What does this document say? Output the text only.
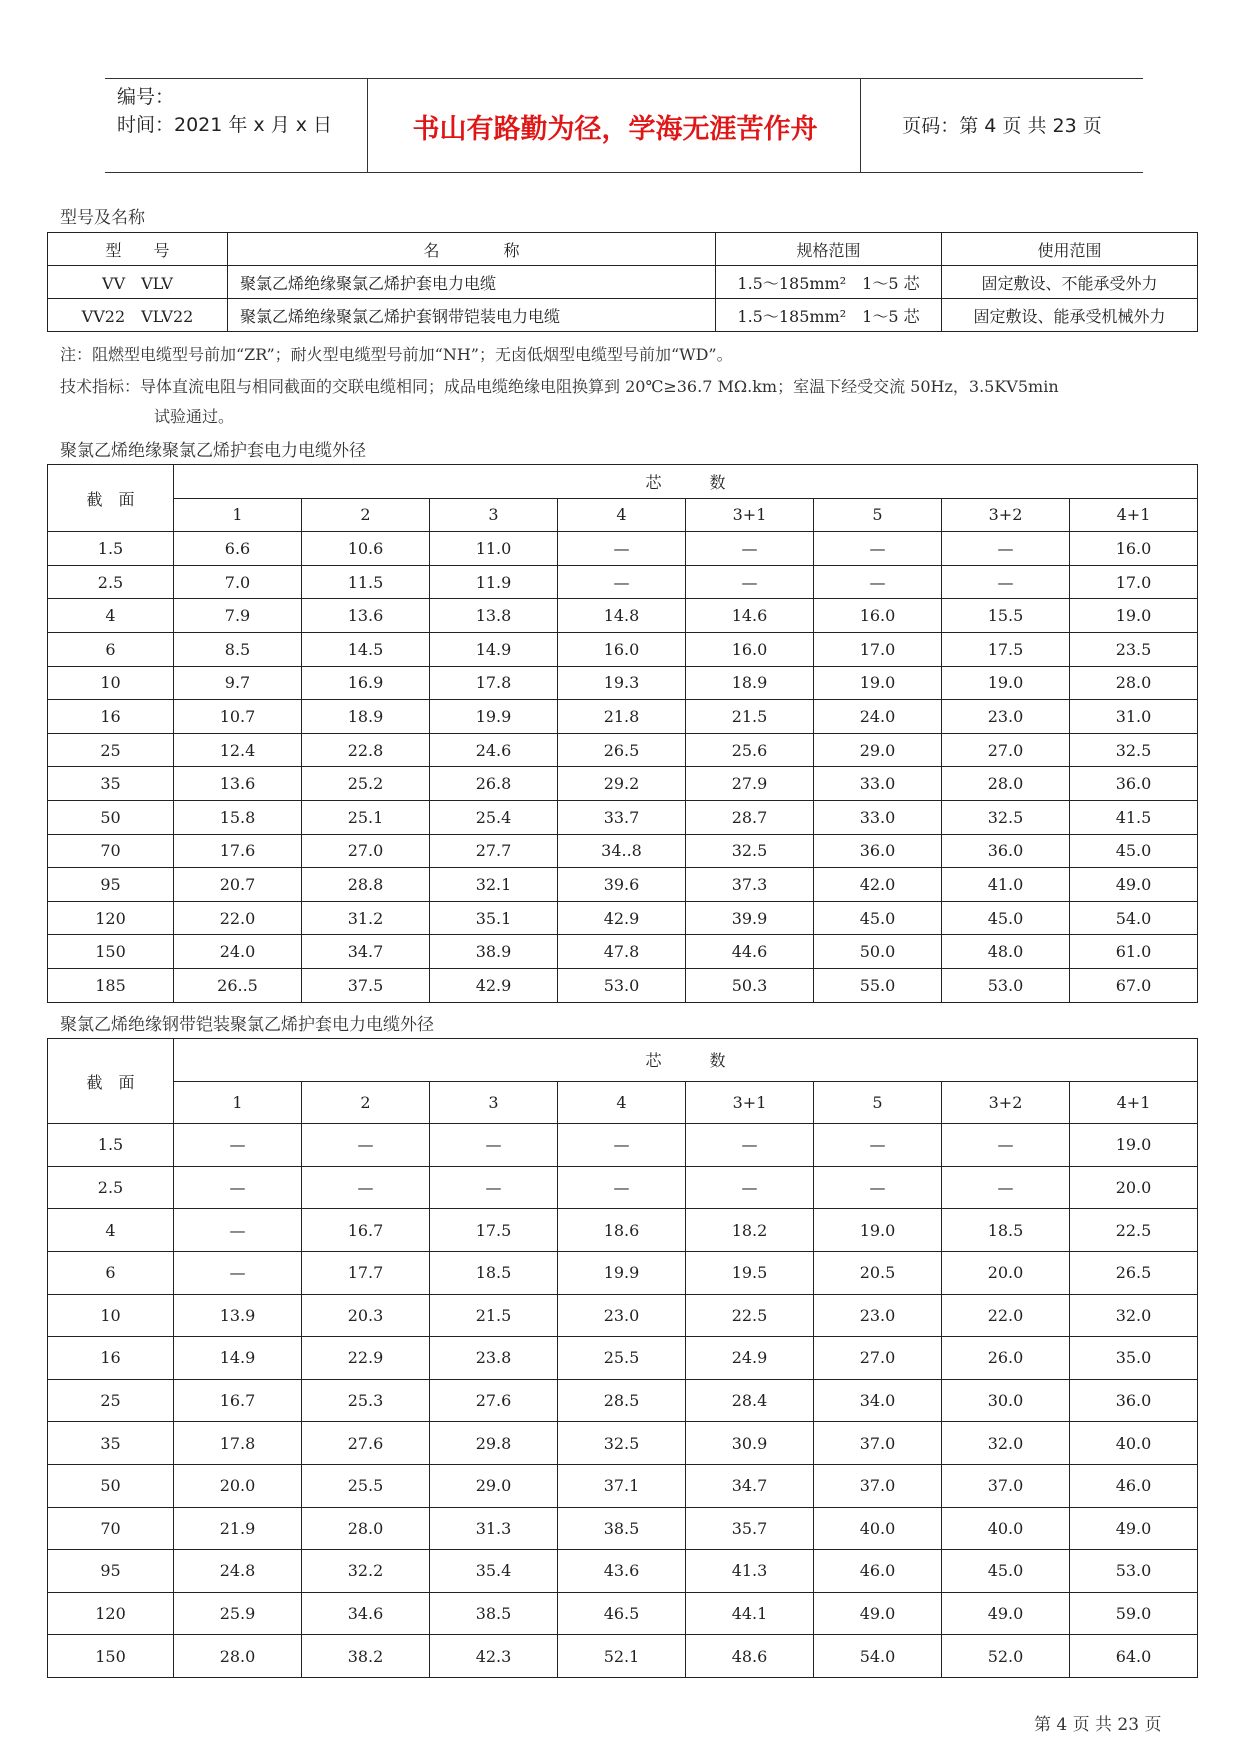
编号：
时间：2021 年 x 月 x 日	书山有路勤为径，学海无涯苦作舟	页码：第 4 页 共 23 页
型号及名称
型　　号	名　　　　称	规格范围	使用范围
VV　VLV	聚氯乙烯绝缘聚氯乙烯护套电力电缆	1.5～185mm²　1～5 芯	固定敷设、不能承受外力
VV22　VLV22	聚氯乙烯绝缘聚氯乙烯护套钢带铠装电力电缆	1.5～185mm²　1～5 芯	固定敷设、能承受机械外力
注：阻燃型电缆型号前加“ZR”；耐火型电缆型号前加“NH”；无卤低烟型电缆型号前加“WD”。
技术指标：导体直流电阻与相同截面的交联电缆相同；成品电缆绝缘电阻换算到 20℃≥36.7 MΩ.km；室温下经受交流 50Hz，3.5KV5min
试验通过。
聚氯乙烯绝缘聚氯乙烯护套电力电缆外径
截　面	芯　　　数							
	1	2	3	4	3+1	5	3+2	4+1
1.5	6.6	10.6	11.0	—	—	—	—	16.0
2.5	7.0	11.5	11.9	—	—	—	—	17.0
4	7.9	13.6	13.8	14.8	14.6	16.0	15.5	19.0
6	8.5	14.5	14.9	16.0	16.0	17.0	17.5	23.5
10	9.7	16.9	17.8	19.3	18.9	19.0	19.0	28.0
16	10.7	18.9	19.9	21.8	21.5	24.0	23.0	31.0
25	12.4	22.8	24.6	26.5	25.6	29.0	27.0	32.5
35	13.6	25.2	26.8	29.2	27.9	33.0	28.0	36.0
50	15.8	25.1	25.4	33.7	28.7	33.0	32.5	41.5
70	17.6	27.0	27.7	34..8	32.5	36.0	36.0	45.0
95	20.7	28.8	32.1	39.6	37.3	42.0	41.0	49.0
120	22.0	31.2	35.1	42.9	39.9	45.0	45.0	54.0
150	24.0	34.7	38.9	47.8	44.6	50.0	48.0	61.0
185	26..5	37.5	42.9	53.0	50.3	55.0	53.0	67.0
聚氯乙烯绝缘钢带铠装聚氯乙烯护套电力电缆外径
截　面	芯　　　数							
	1	2	3	4	3+1	5	3+2	4+1
1.5	—	—	—	—	—	—	—	19.0
2.5	—	—	—	—	—	—	—	20.0
4	—	16.7	17.5	18.6	18.2	19.0	18.5	22.5
6	—	17.7	18.5	19.9	19.5	20.5	20.0	26.5
10	13.9	20.3	21.5	23.0	22.5	23.0	22.0	32.0
16	14.9	22.9	23.8	25.5	24.9	27.0	26.0	35.0
25	16.7	25.3	27.6	28.5	28.4	34.0	30.0	36.0
35	17.8	27.6	29.8	32.5	30.9	37.0	32.0	40.0
50	20.0	25.5	29.0	37.1	34.7	37.0	37.0	46.0
70	21.9	28.0	31.3	38.5	35.7	40.0	40.0	49.0
95	24.8	32.2	35.4	43.6	41.3	46.0	45.0	53.0
120	25.9	34.6	38.5	46.5	44.1	49.0	49.0	59.0
150	28.0	38.2	42.3	52.1	48.6	54.0	52.0	64.0
第 4 页 共 23 页
